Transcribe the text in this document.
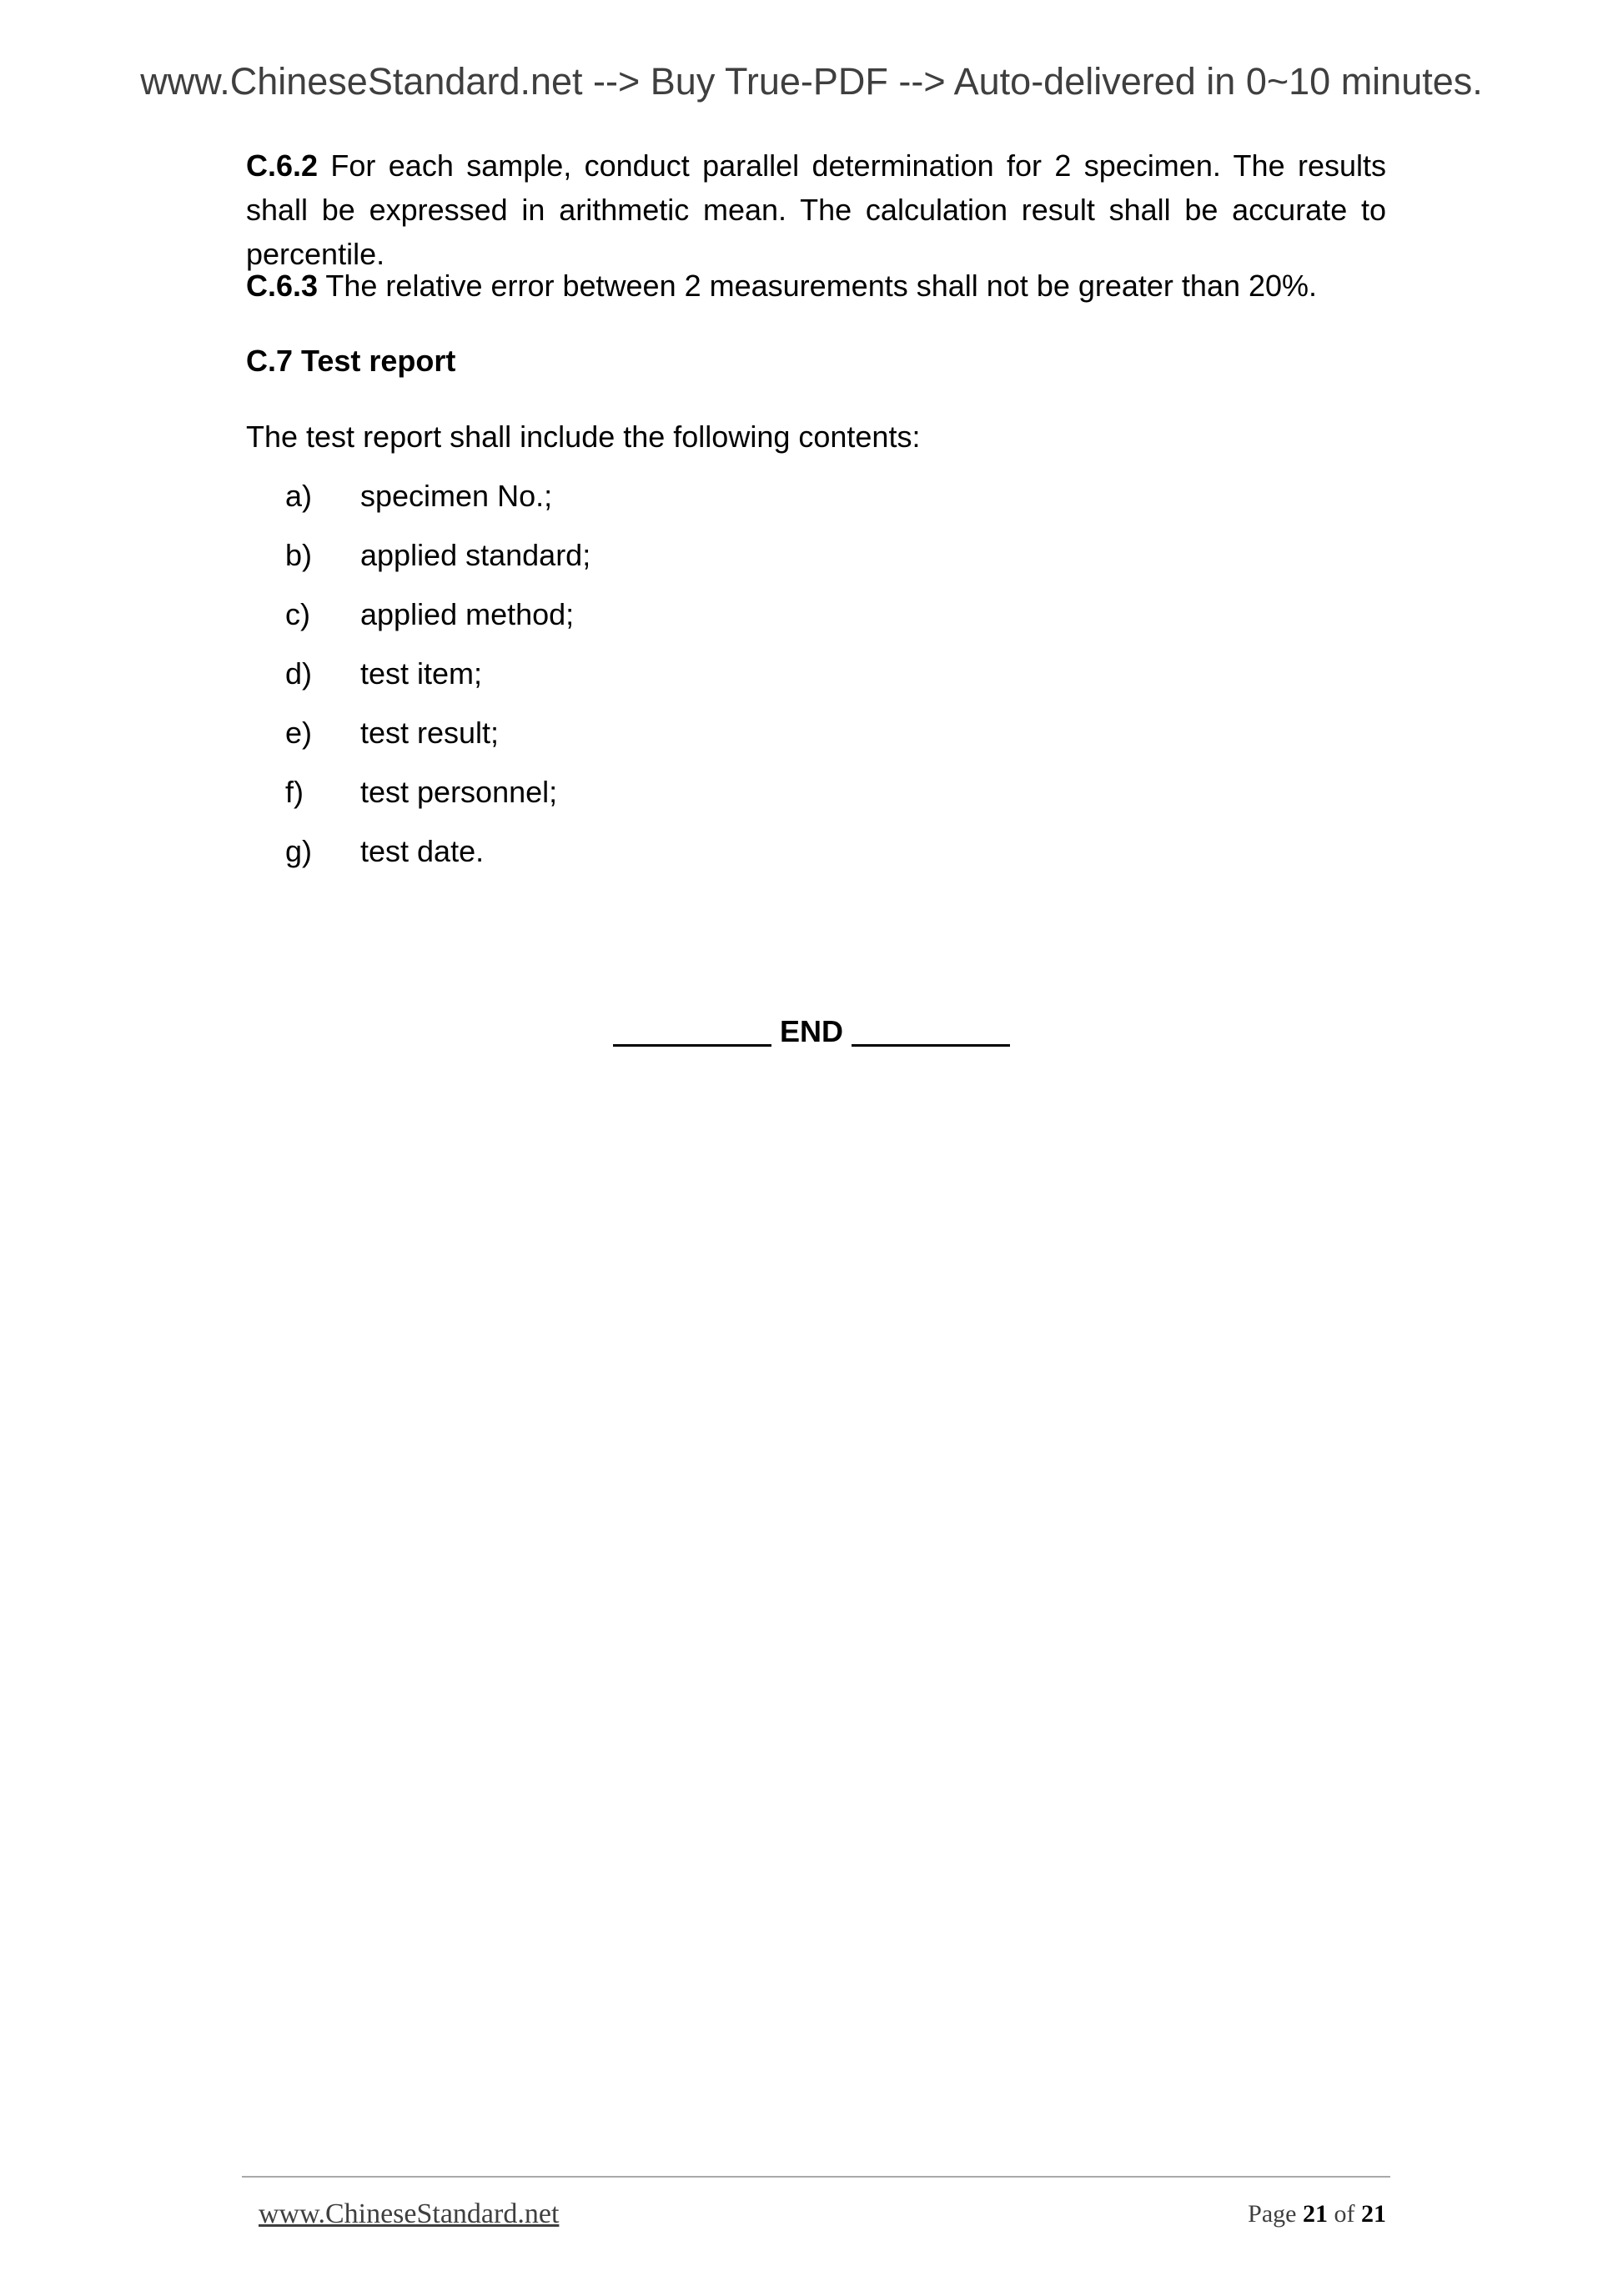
www.ChineseStandard.net --> Buy True-PDF --> Auto-delivered in 0~10 minutes.

C.6.2 For each sample, conduct parallel determination for 2 specimen. The results shall be expressed in arithmetic mean. The calculation result shall be accurate to percentile.

C.6.3 The relative error between 2 measurements shall not be greater than 20%.

C.7 Test report
The test report shall include the following contents:
a)	specimen No.;
b)	applied standard;
c)	applied method;
d)	test item;
e)	test result;
f)	test personnel;
g)	test date.
END
www.ChineseStandard.net	Page 21 of 21
